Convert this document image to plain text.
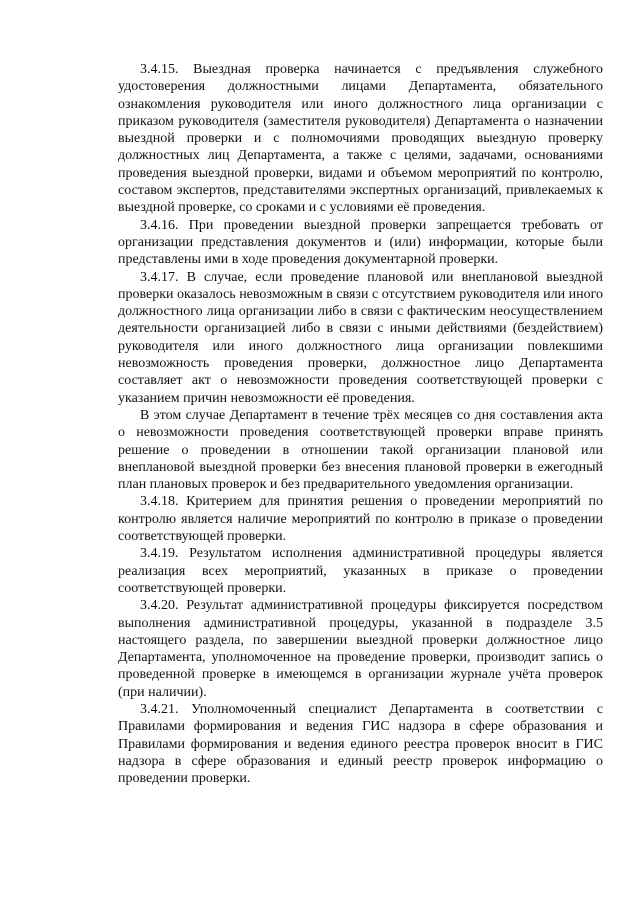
3.4.15. Выездная проверка начинается с предъявления служебного удостоверения должностными лицами Департамента, обязательного ознакомления руководителя или иного должностного лица организации с приказом руководителя (заместителя руководителя) Департамента о назначении выездной проверки и с полномочиями проводящих выездную проверку должностных лиц Департамента, а также с целями, задачами, основаниями проведения выездной проверки, видами и объемом мероприятий по контролю, составом экспертов, представителями экспертных организаций, привлекаемых к выездной проверке, со сроками и с условиями её проведения.

3.4.16. При проведении выездной проверки запрещается требовать от организации представления документов и (или) информации, которые были представлены ими в ходе проведения документарной проверки.

3.4.17. В случае, если проведение плановой или внеплановой выездной проверки оказалось невозможным в связи с отсутствием руководителя или иного должностного лица организации либо в связи с фактическим неосуществлением деятельности организацией либо в связи с иными действиями (бездействием) руководителя или иного должностного лица организации повлекшими невозможность проведения проверки, должностное лицо Департамента составляет акт о невозможности проведения соответствующей проверки с указанием причин невозможности её проведения.

В этом случае Департамент в течение трёх месяцев со дня составления акта о невозможности проведения соответствующей проверки вправе принять решение о проведении в отношении такой организации плановой или внеплановой выездной проверки без внесения плановой проверки в ежегодный план плановых проверок и без предварительного уведомления организации.

3.4.18. Критерием для принятия решения о проведении мероприятий по контролю является наличие мероприятий по контролю в приказе о проведении соответствующей проверки.

3.4.19. Результатом исполнения административной процедуры является реализация всех мероприятий, указанных в приказе о проведении соответствующей проверки.

3.4.20. Результат административной процедуры фиксируется посредством выполнения административной процедуры, указанной в подразделе 3.5 настоящего раздела, по завершении выездной проверки должностное лицо Департамента, уполномоченное на проведение проверки, производит запись о проведенной проверке в имеющемся в организации журнале учёта проверок (при наличии).

3.4.21. Уполномоченный специалист Департамента в соответствии с Правилами формирования и ведения ГИС надзора в сфере образования и Правилами формирования и ведения единого реестра проверок вносит в ГИС надзора в сфере образования и единый реестр проверок информацию о проведении проверки.
